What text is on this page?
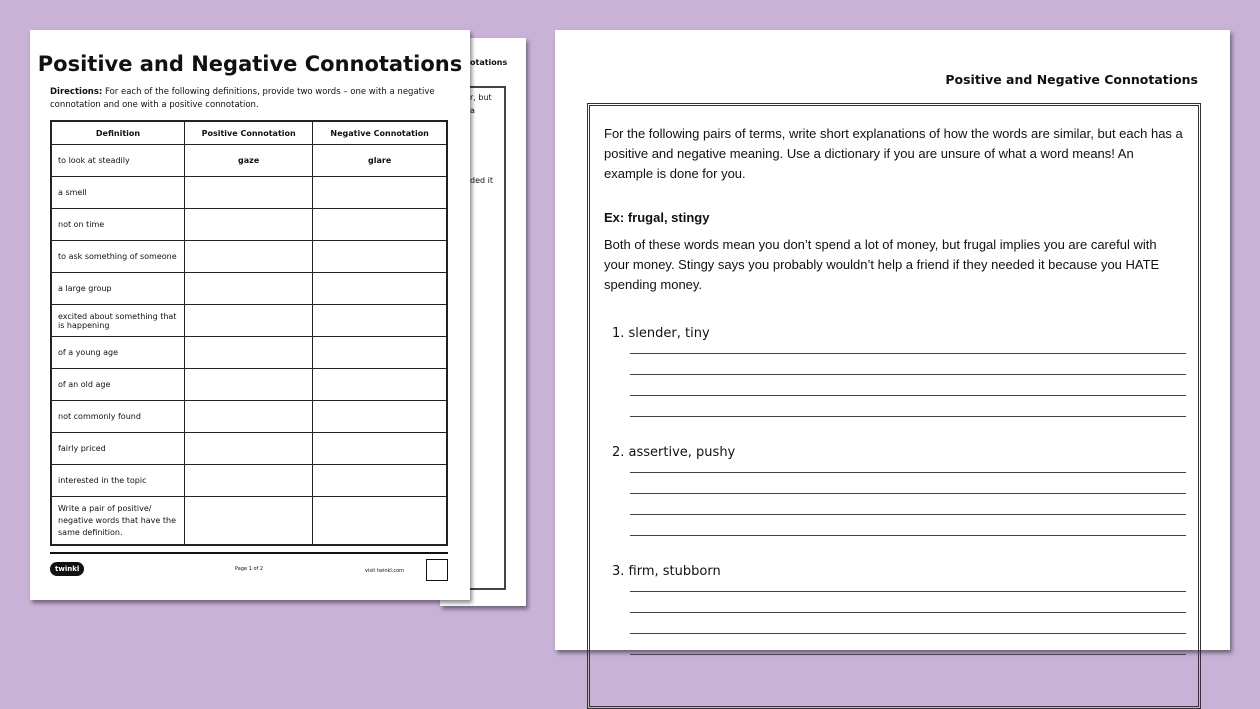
otations
r, but
a
ded it
Positive and Negative Connotations
Directions: For each of the following definitions, provide two words – one with a negative connotation and one with a positive connotation.
Definition	Positive Connotation	Negative Connotation
to look at steadily	gaze	glare
a smell		
not on time		
to ask something of someone		
a large group		
excited about something that is happening		
of a young age		
of an old age		
not commonly found		
fairly priced		
interested in the topic		
Write a pair of positive/ negative words that have the same definition.		
twinkl	Page 1 of 2	visit twinkl.com
Positive and Negative Connotations
For the following pairs of terms, write short explanations of how the words are similar, but each has a positive and negative meaning. Use a dictionary if you are unsure of what a word means! An example is done for you.
Ex: frugal, stingy
Both of these words mean you don’t spend a lot of money, but frugal implies you are careful with your money. Stingy says you probably wouldn’t help a friend if they needed it because you HATE spending money.
1. slender, tiny
2. assertive, pushy
3. firm, stubborn
